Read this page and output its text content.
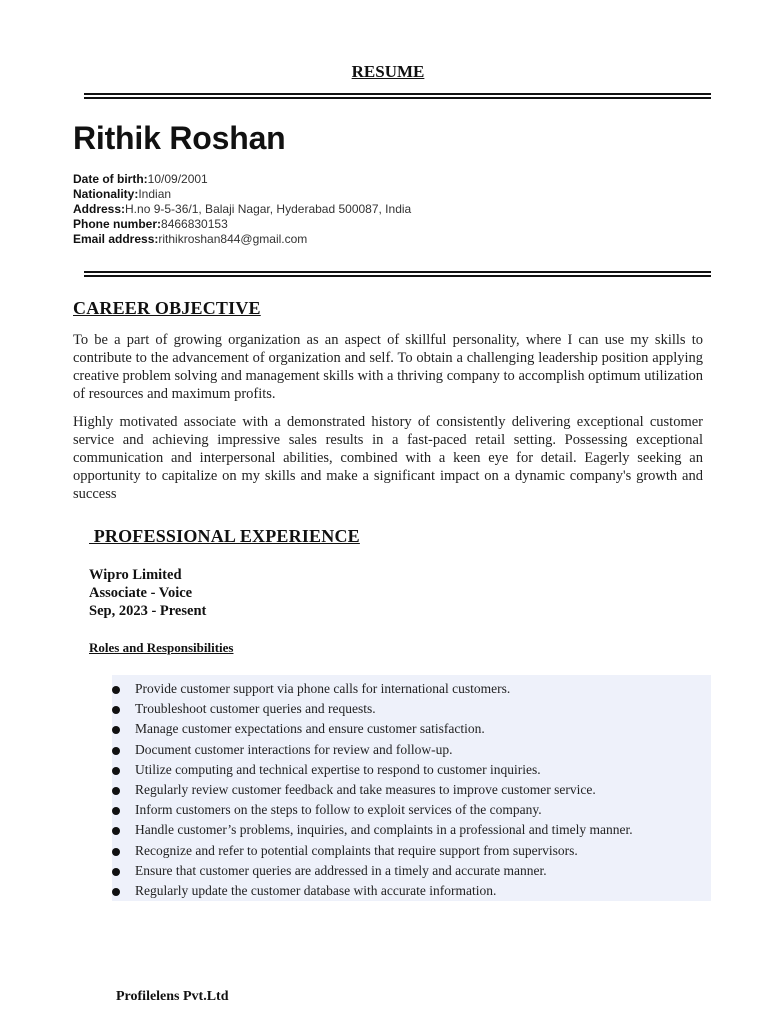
RESUME
Rithik Roshan
Date of birth:10/09/2001
Nationality:Indian
Address:H.no 9-5-36/1, Balaji Nagar, Hyderabad 500087, India
Phone number:8466830153
Email address:rithikroshan844@gmail.com
CAREER OBJECTIVE
To be a part of growing organization as an aspect of skillful personality, where I can use my skills to contribute to the advancement of organization and self. To obtain a challenging leadership position applying creative problem solving and management skills with a thriving company to accomplish optimum utilization of resources and maximum profits.
Highly motivated associate with a demonstrated history of consistently delivering exceptional customer service and achieving impressive sales results in a fast-paced retail setting. Possessing exceptional communication and interpersonal abilities, combined with a keen eye for detail. Eagerly seeking an opportunity to capitalize on my skills and make a significant impact on a dynamic company's growth and success
PROFESSIONAL EXPERIENCE
Wipro Limited
Associate - Voice
Sep, 2023 - Present
Roles and Responsibilities
Provide customer support via phone calls for international customers.
Troubleshoot customer queries and requests.
Manage customer expectations and ensure customer satisfaction.
Document customer interactions for review and follow-up.
Utilize computing and technical expertise to respond to customer inquiries.
Regularly review customer feedback and take measures to improve customer service.
Inform customers on the steps to follow to exploit services of the company.
Handle customer’s problems, inquiries, and complaints in a professional and timely manner.
Recognize and refer to potential complaints that require support from supervisors.
Ensure that customer queries are addressed in a timely and accurate manner.
Regularly update the customer database with accurate information.
Profilelens Pvt.Ltd
